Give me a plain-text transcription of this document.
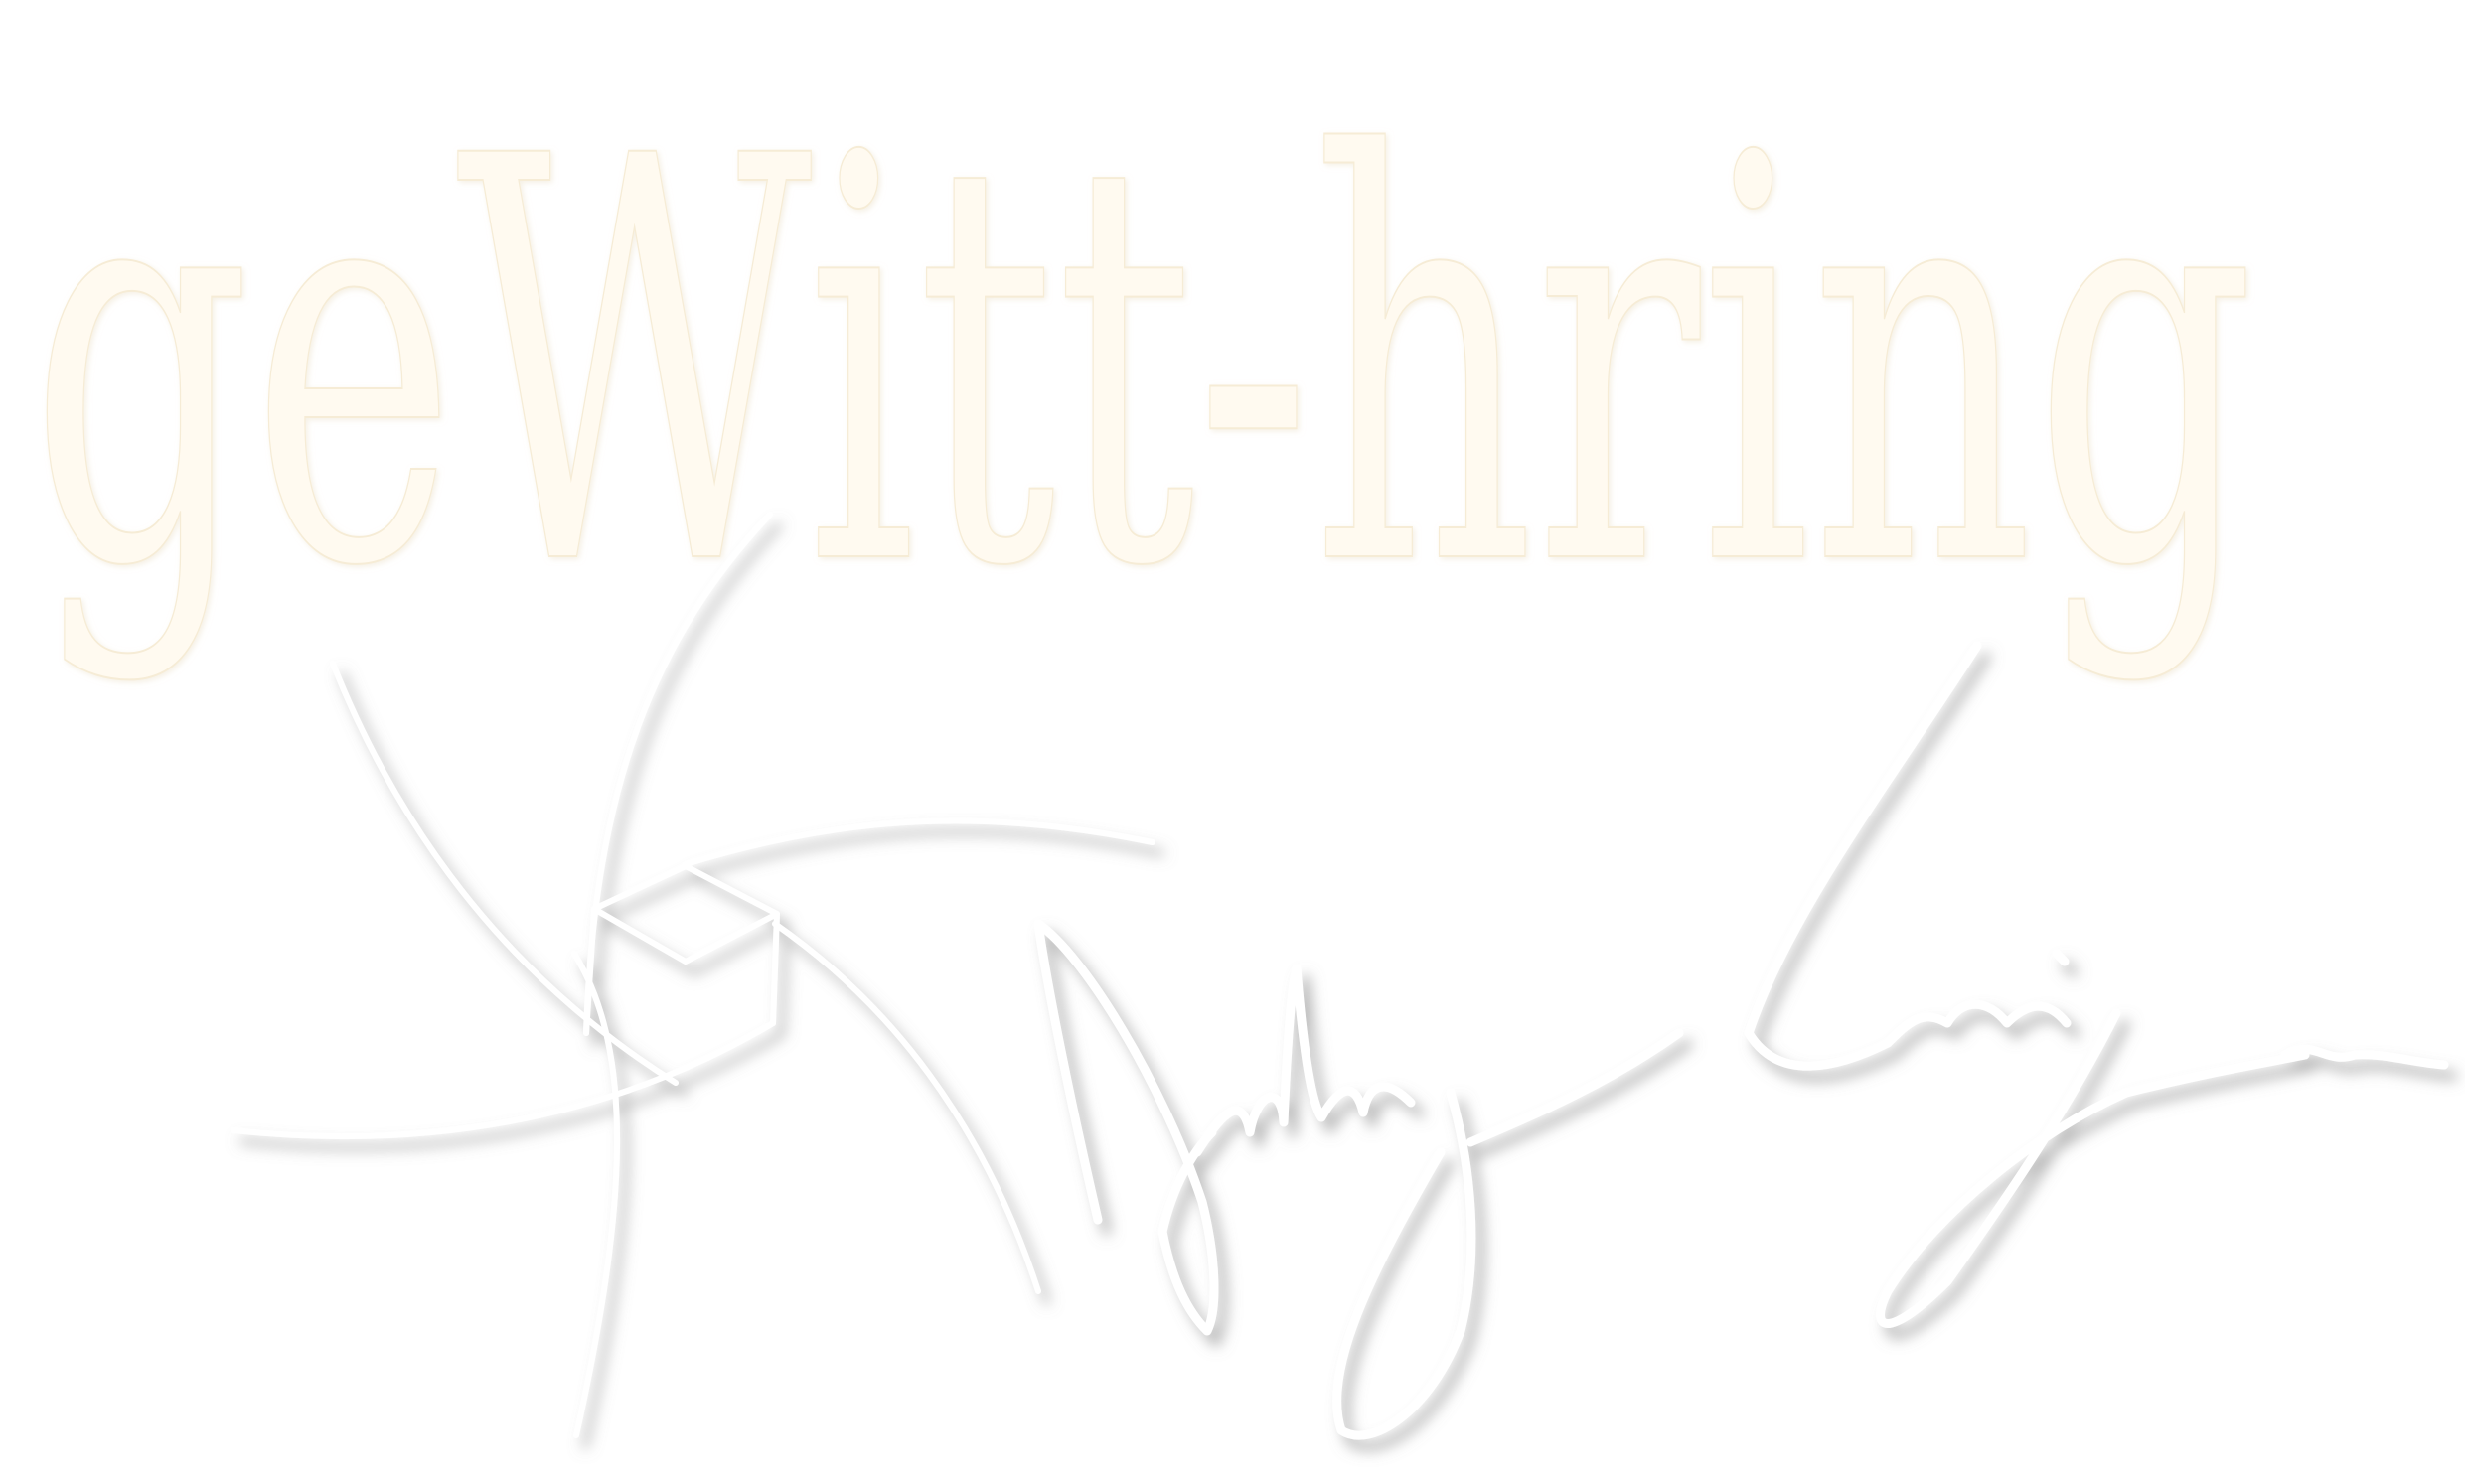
geWitt-hring
